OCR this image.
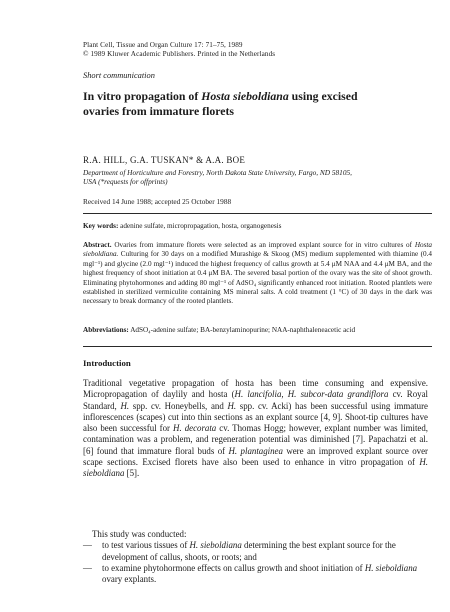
Plant Cell, Tissue and Organ Culture 17: 71–75, 1989
© 1989 Kluwer Academic Publishers. Printed in the Netherlands
Short communication
In vitro propagation of Hosta sieboldiana using excised
ovaries from immature florets
R.A. HILL, G.A. TUSKAN* & A.A. BOE
Department of Horticulture and Forestry, North Dakota State University, Fargo, ND 58105,
USA (*requests for offprints)
Received 14 June 1988; accepted 25 October 1988
Key words: adenine sulfate, micropropagation, hosta, organogenesis
Abstract. Ovaries from immature florets were selected as an improved explant source for in vitro cultures of Hosta sieboldiana. Culturing for 30 days on a modified Murashige & Skoog (MS) medium supplemented with thiamine (0.4 mgl⁻¹) and glycine (2.0 mgl⁻¹) induced the highest frequency of callus growth at 5.4 μM NAA and 4.4 μM BA, and the highest frequency of shoot initiation at 0.4 μM BA. The severed basal portion of the ovary was the site of shoot growth. Eliminating phytohormones and adding 80 mgl⁻¹ of AdSO₄ significantly enhanced root initiation. Rooted plantlets were established in sterilized vermiculite containing MS mineral salts. A cold treatment (1 °C) of 30 days in the dark was necessary to break dormancy of the rooted plantlets.
Abbreviations: AdSO₄-adenine sulfate; BA-benzylaminopurine; NAA-naphthaleneacetic acid
Introduction

Traditional vegetative propagation of hosta has been time consuming and expensive. Micropropagation of daylily and hosta (H. lancifolia, H. subcor-data grandiflora cv. Royal Standard, H. spp. cv. Honeybells, and H. spp. cv. Acki) has been successful using immature inflorescences (scapes) cut into thin sections as an explant source [4, 9]. Shoot-tip cultures have also been successful for H. decorata cv. Thomas Hogg; however, explant number was limited, contamination was a problem, and regeneration potential was diminished [7]. Papachatzi et al. [6] found that immature floral buds of H. plantaginea were an improved explant source over scape sections. Excised florets have also been used to enhance in vitro propagation of H. sieboldiana [5].

This study was conducted:
— to test various tissues of H. sieboldiana determining the best explant source for the development of callus, shoots, or roots; and
— to examine phytohormone effects on callus growth and shoot initiation of H. sieboldiana ovary explants.
